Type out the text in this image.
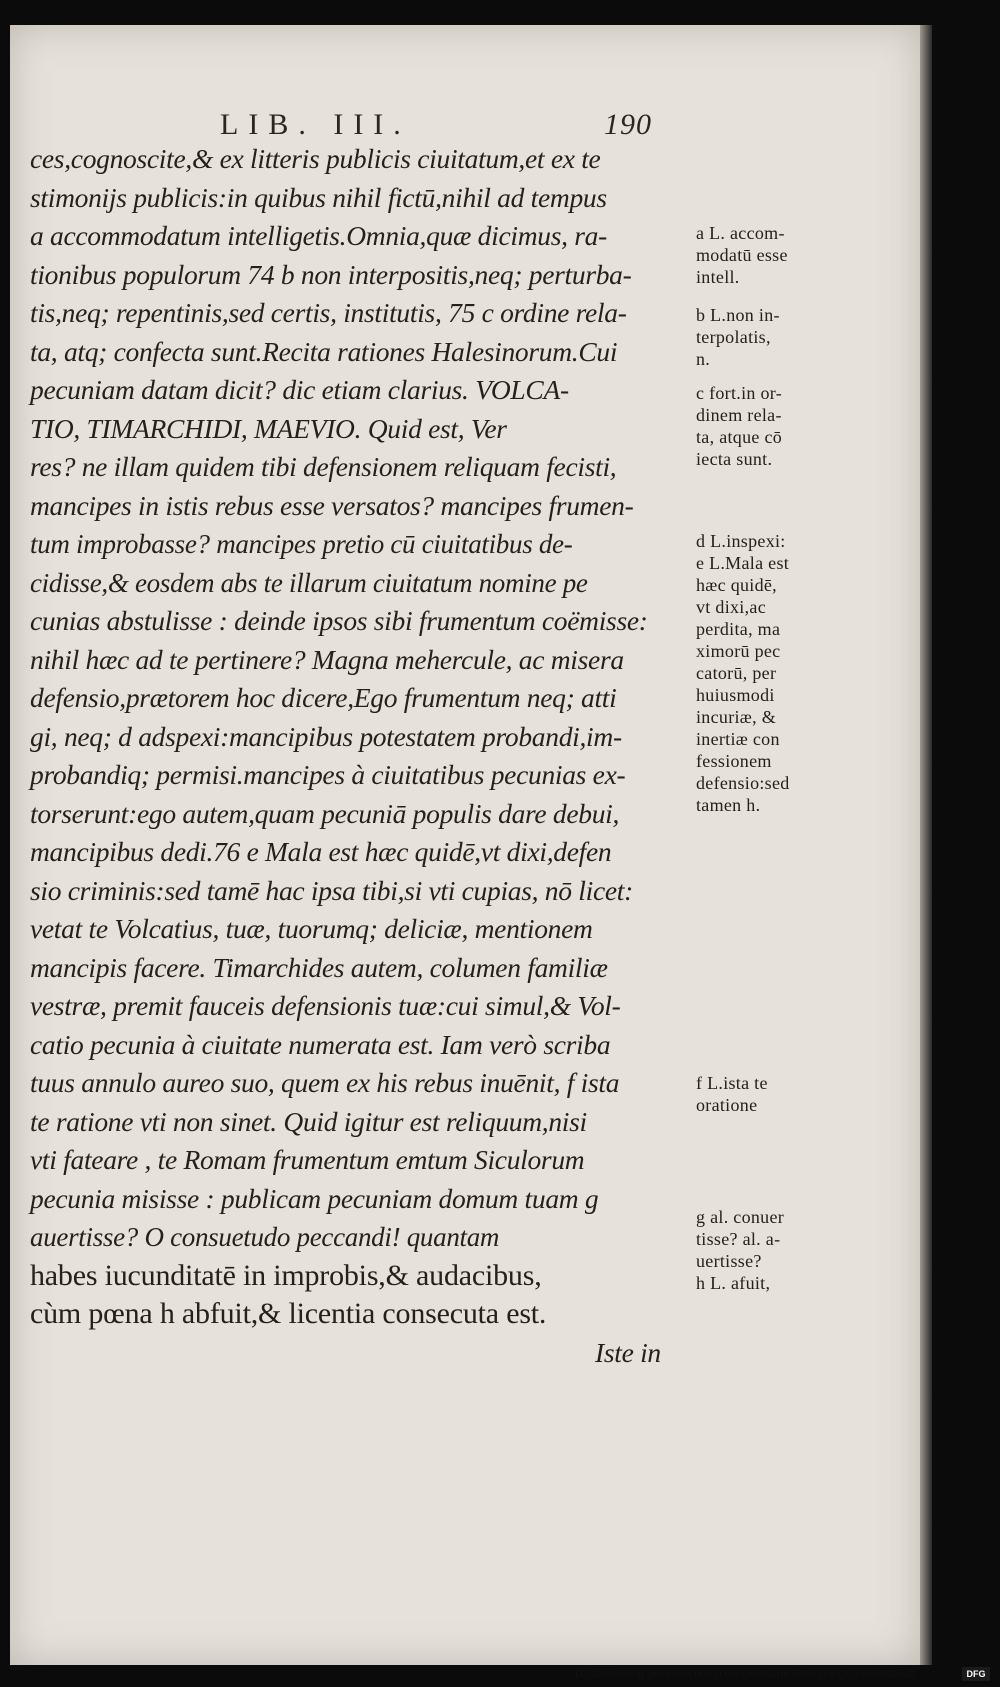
LIB. III.	190
ces,cognoscite,& ex litteris publicis ciuitatum,et ex te
stimonijs publicis:in quibus nihil fictū,nihil ad tempus
a accommodatum intelligetis.Omnia,quæ dicimus, ra-
tionibus populorum 74 b non interpositis,neq; perturba-
tis,neq; repentinis,sed certis, institutis, 75 c ordine rela-
ta, atq; confecta sunt.Recita rationes Halesinorum.Cui
pecuniam datam dicit? dic etiam clarius. VOLCA-
TIO, TIMARCHIDI, MAEVIO. Quid est, Ver
res? ne illam quidem tibi defensionem reliquam fecisti,
mancipes in istis rebus esse versatos? mancipes frumen-
tum improbasse? mancipes pretio cū ciuitatibus de-
cidisse,& eosdem abs te illarum ciuitatum nomine pe
cunias abstulisse : deinde ipsos sibi frumentum coëmisse:
nihil hæc ad te pertinere? Magna mehercule, ac misera
defensio,prætorem hoc dicere,Ego frumentum neq; atti
gi, neq; d adspexi:mancipibus potestatem probandi,im-
probandiq; permisi.mancipes à ciuitatibus pecunias ex-
torserunt:ego autem,quam pecuniā populis dare debui,
mancipibus dedi.76 e Mala est hæc quidē,vt dixi,defen
sio criminis:sed tamē hac ipsa tibi,si vti cupias, nō licet:
vetat te Volcatius, tuæ, tuorumq; deliciæ, mentionem
mancipis facere. Timarchides autem, columen familiæ
vestræ, premit fauceis defensionis tuæ:cui simul,& Vol-
catio pecunia à ciuitate numerata est. Iam verò scriba
tuus annulo aureo suo, quem ex his rebus inuēnit, f ista
te ratione vti non sinet. Quid igitur est reliquum,nisi
vti fateare , te Romam frumentum emtum Siculorum
pecunia misisse : publicam pecuniam domum tuam g
auertisse? O consuetudo peccandi! quantam
habes iucunditatē in improbis,& audacibus,
cùm pœna h abfuit,& licentia consecuta est.
Iste in
a L. accom-
modatū esse
intell.
b L.non in-
terpolatis,
n.
c fort.in or-
dinem rela-
ta, atque cō
iecta sunt.
d L.inspexi:
e L.Mala est
hæc quidē,
vt dixi,ac
perdita, ma
ximorū pec
catorū, per
huiusmodi
incuriæ, &
inertiæ con
fessionem
defensio:sed
tamen h.
f L.ista te
oratione
g al. conuer
tisse? al. a-
uertisse?
h L. afuit,
Digitalisierung gefördert durch die Deutsche Forschungsgemeinschaft	DFG
